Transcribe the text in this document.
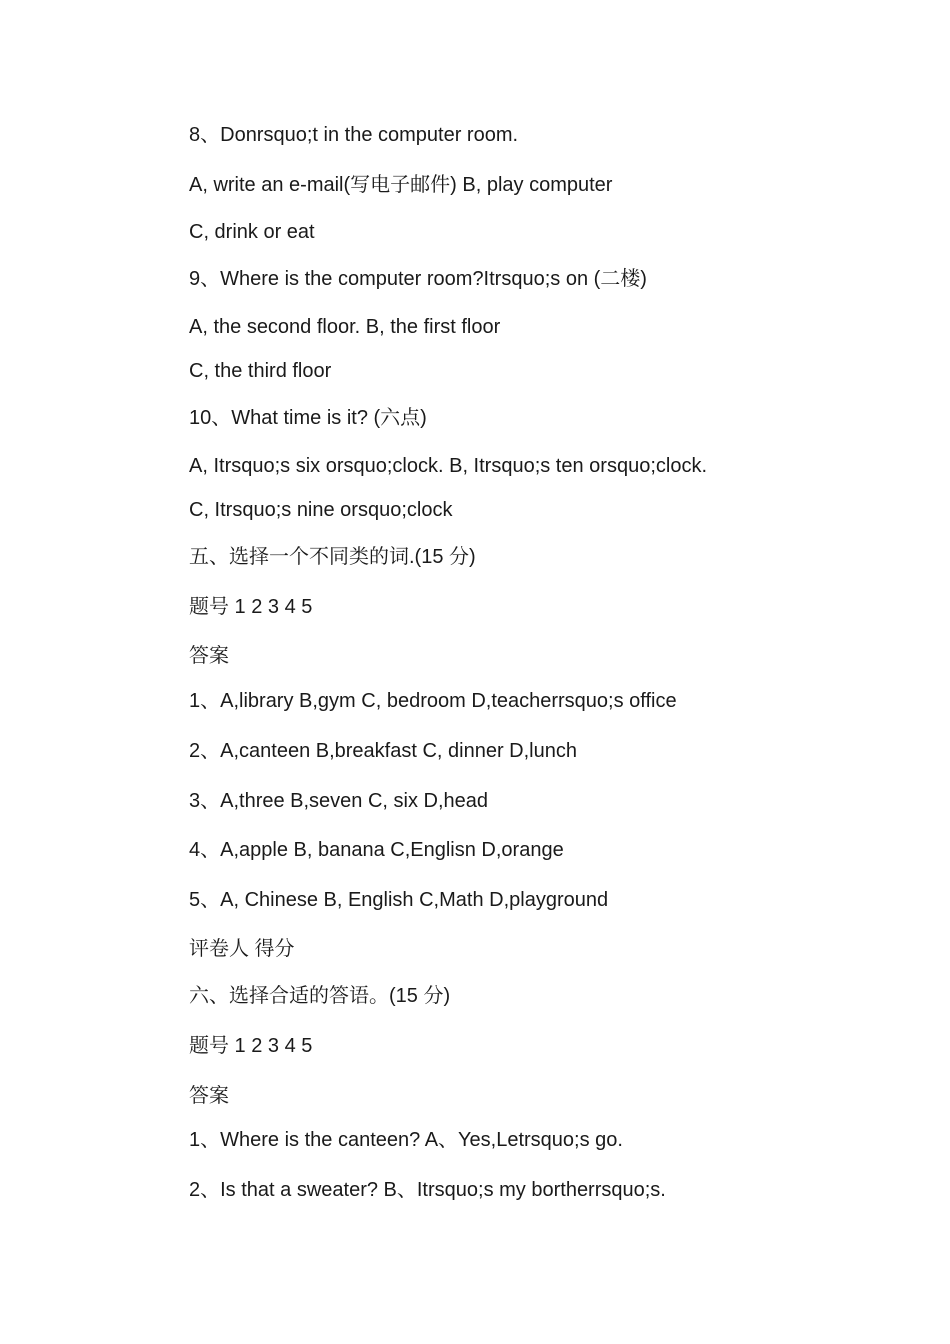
8、Donrsquo;t in the computer room.
A, write an e-mail(写电子邮件) B, play computer
C, drink or eat
9、Where is the computer room?Itrsquo;s on (二楼)
A, the second floor. B, the first floor
C, the third floor
10、What time is it? (六点)
A, Itrsquo;s six orsquo;clock. B, Itrsquo;s ten orsquo;clock.
C, Itrsquo;s nine orsquo;clock
五、选择一个不同类的词.(15 分)
题号 1 2 3 4 5
答案
1、A,library B,gym C, bedroom D,teacherrsquo;s office
2、A,canteen B,breakfast C, dinner D,lunch
3、A,three B,seven C, six D,head
4、A,apple B, banana C,Englisn D,orange
5、A, Chinese B, English C,Math D,playground
评卷人 得分
六、选择合适的答语。(15 分)
题号 1 2 3 4 5
答案
1、Where is the canteen? A、Yes,Letrsquo;s go.
2、Is that a sweater? B、Itrsquo;s my bortherrsquo;s.
